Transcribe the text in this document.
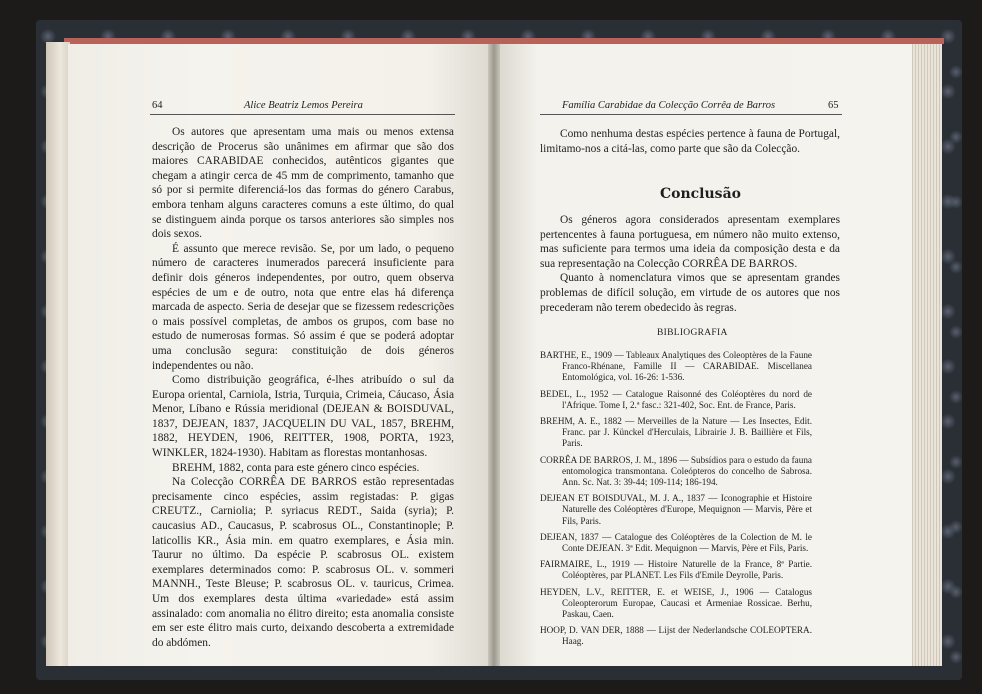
64	Alice Beatriz Lemos Pereira

Os autores que apresentam uma mais ou menos extensa descrição de Procerus são unânimes em afirmar que são dos maiores CARABIDAE conhecidos, autênticos gigantes que chegam a atingir cerca de 45 mm de comprimento, tamanho que só por si permite diferenciá-los das formas do género Carabus, embora tenham alguns caracteres comuns a este último, do qual se distinguem ainda porque os tarsos anteriores são simples nos dois sexos.

É assunto que merece revisão. Se, por um lado, o pequeno número de caracteres inumerados parecerá insuficiente para definir dois géneros independentes, por outro, quem observa espécies de um e de outro, nota que entre elas há diferença marcada de aspecto. Seria de desejar que se fizessem redescrições o mais possível completas, de ambos os grupos, com base no estudo de numerosas formas. Só assim é que se poderá adoptar uma conclusão segura: constituição de dois géneros independentes ou não.

Como distribuição geográfica, é-lhes atribuído o sul da Europa oriental, Carniola, Istria, Turquia, Crimeia, Cáucaso, Ásia Menor, Líbano e Rússia meridional (DEJEAN & BOISDUVAL, 1837, DEJEAN, 1837, JACQUELIN DU VAL, 1857, BREHM, 1882, HEYDEN, 1906, REITTER, 1908, PORTA, 1923, WINKLER, 1824-1930). Habitam as florestas montanhosas.

BREHM, 1882, conta para este género cinco espécies.

Na Colecção CORRÊA DE BARROS estão representadas precisamente cinco espécies, assim registadas: P. gigas CREUTZ., Carniolia; P. syriacus REDT., Saida (syria); P. caucasius AD., Caucasus, P. scabrosus OL., Constantinople; P. laticollis KR., Ásia min. em quatro exemplares, e Ásia min. Taurur no último. Da espécie P. scabrosus OL. existem exemplares determinados como: P. scabrosus OL. v. sommeri MANNH., Teste Bleuse; P. scabrosus OL. v. tauricus, Crimea. Um dos exemplares desta última «variedade» está assim assinalado: com anomalia no élitro direito; esta anomalia consiste em ser este élitro mais curto, deixando descoberta a extremidade do abdómen.

Família Carabidae da Colecção Corrêa de Barros	65

Como nenhuma destas espécies pertence à fauna de Portugal, limitamo-nos a citá-las, como parte que são da Colecção.

Conclusão

Os géneros agora considerados apresentam exemplares pertencentes à fauna portuguesa, em número não muito extenso, mas suficiente para termos uma ideia da composição desta e da sua representação na Colecção CORRÊA DE BARROS.

Quanto à nomenclatura vimos que se apresentam grandes problemas de difícil solução, em virtude de os autores que nos precederam não terem obedecido às regras.

BIBLIOGRAFIA

BARTHE, E., 1909 — Tableaux Analytiques des Coleoptères de la Faune Franco-Rhénane, Famille II — CARABIDAE. Miscellanea Entomológica, vol. 16-26: 1-536.

BEDEL, L., 1952 — Catalogue Raisonné des Coléoptères du nord de l'Afrique. Tome I, 2.ª fasc.: 321-402, Soc. Ent. de France, Paris.

BREHM, A. E., 1882 — Merveilles de la Nature — Les Insectes, Edit. Franc. par J. Künckel d'Herculais, Librairie J. B. Baillière et Fils, Paris.

CORRÊA DE BARROS, J. M., 1896 — Subsídios para o estudo da fauna entomologica transmontana. Coleópteros do concelho de Sabrosa. Ann. Sc. Nat. 3: 39-44; 109-114; 186-194.

DEJEAN ET BOISDUVAL, M. J. A., 1837 — Iconographie et Histoire Naturelle des Coléoptères d'Europe, Mequignon — Marvis, Père et Fils, Paris.

DEJEAN, 1837 — Catalogue des Coléoptères de la Colection de M. le Conte DEJEAN. 3ª Edit. Mequignon — Marvis, Père et Fils, Paris.

FAIRMAIRE, L., 1919 — Histoire Naturelle de la France, 8ª Partie. Coléoptères, par PLANET. Les Fils d'Emile Deyrolle, Paris.

HEYDEN, L.V., REITTER, E. et WEISE, J., 1906 — Catalogus Coleopterorum Europae, Caucasi et Armeniae Rossicae. Berhu, Paskau, Caen.

HOOP, D. VAN DER, 1888 — Lijst der Nederlandsche COLEOPTERA. Haag.
